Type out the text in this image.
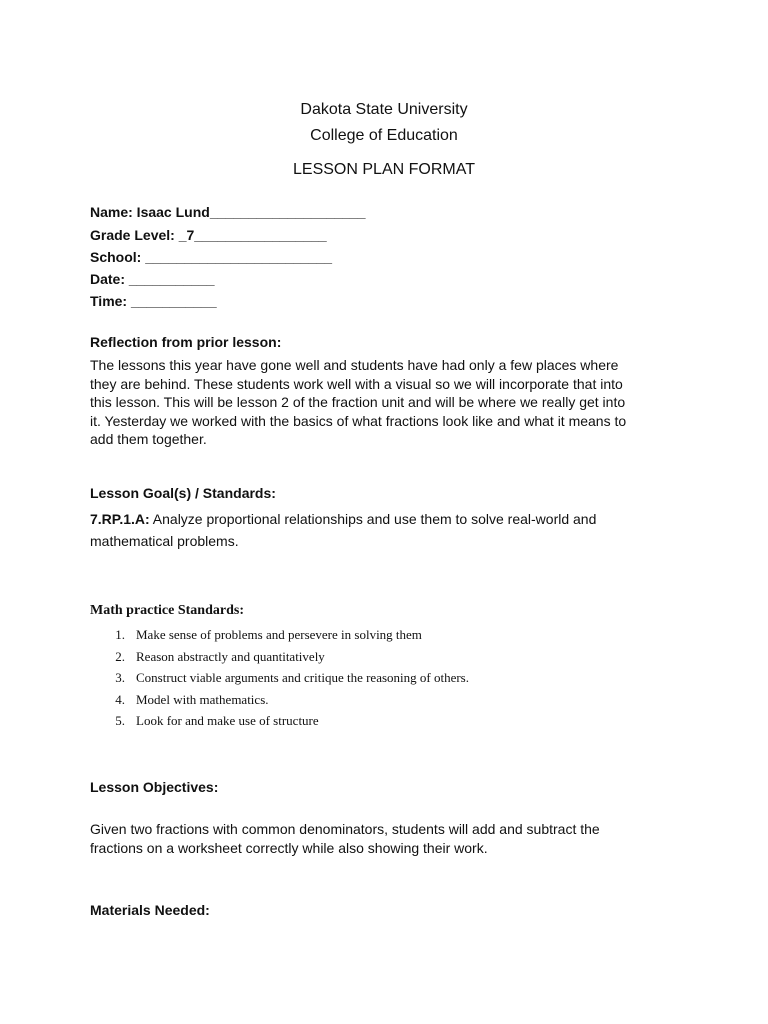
Dakota State University
College of Education
LESSON PLAN FORMAT
Name: Isaac Lund____________________
Grade Level: _7_________________
School: ________________________
Date: ___________
Time: ___________
Reflection from prior lesson:
The lessons this year have gone well and students have had only a few places where
they are behind. These students work well with a visual so we will incorporate that into
this lesson. This will be lesson 2 of the fraction unit and will be where we really get into
it. Yesterday we worked with the basics of what fractions look like and what it means to
add them together.
Lesson Goal(s) / Standards:
7.RP.1.A: Analyze proportional relationships and use them to solve real-world and
mathematical problems.
Math practice Standards:
1. Make sense of problems and persevere in solving them
2. Reason abstractly and quantitatively
3. Construct viable arguments and critique the reasoning of others.
4. Model with mathematics.
5. Look for and make use of structure
Lesson Objectives:
Given two fractions with common denominators, students will add and subtract the
fractions on a worksheet correctly while also showing their work.
Materials Needed:
